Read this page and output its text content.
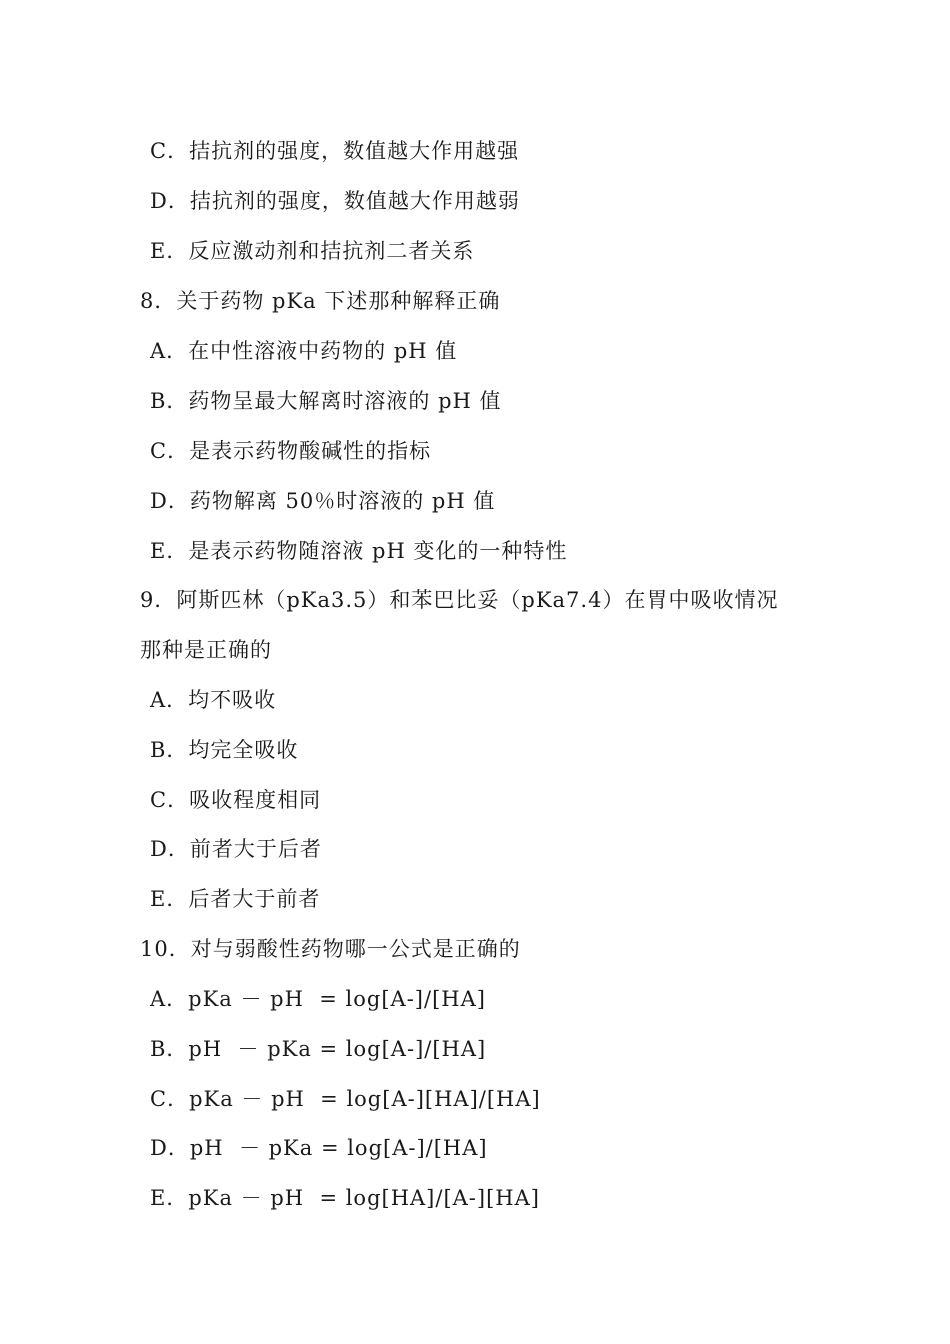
C．拮抗剂的强度，数值越大作用越强
D．拮抗剂的强度，数值越大作用越弱
E．反应激动剂和拮抗剂二者关系
8．关于药物 pKa 下述那种解释正确
A．在中性溶液中药物的 pH 值
B．药物呈最大解离时溶液的 pH 值
C．是表示药物酸碱性的指标
D．药物解离 50％时溶液的 pH 值
E．是表示药物随溶液 pH 变化的一种特性
9．阿斯匹林（pKa3.5）和苯巴比妥（pKa7.4）在胃中吸收情况
那种是正确的
A．均不吸收
B．均完全吸收
C．吸收程度相同
D．前者大于后者
E．后者大于前者
10．对与弱酸性药物哪一公式是正确的
A．pKa － pH  = log[A-]/[HA]
B．pH  － pKa = log[A-]/[HA]
C．pKa － pH  = log[A-][HA]/[HA]
D．pH  － pKa = log[A-]/[HA]
E．pKa － pH  = log[HA]/[A-][HA]
